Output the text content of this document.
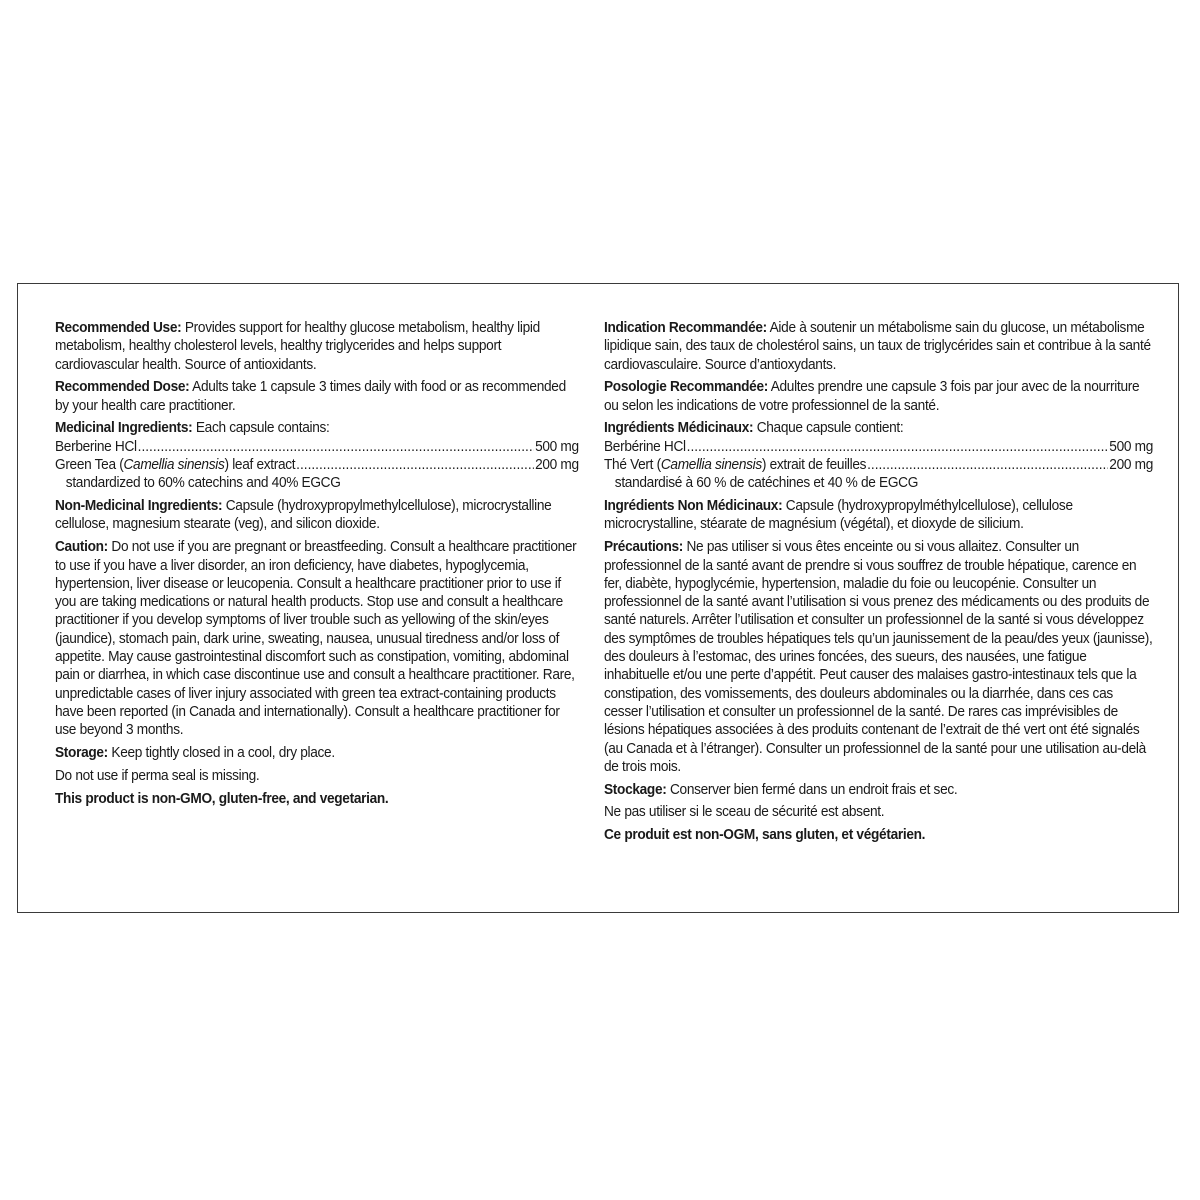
Recommended Use: Provides support for healthy glucose metabolism, healthy lipid metabolism, healthy cholesterol levels, healthy triglycerides and helps support cardiovascular health. Source of antioxidants.

Recommended Dose: Adults take 1 capsule 3 times daily with food or as recommended by your health care practitioner.

Medicinal Ingredients: Each capsule contains:
Berberine HCl .....	500 mg
Green Tea (Camellia sinensis) leaf extract .....	200 mg
standardized to 60% catechins and 40% EGCG

Non-Medicinal Ingredients: Capsule (hydroxypropylmethylcellulose), microcrystalline cellulose, magnesium stearate (veg), and silicon dioxide.

Caution: Do not use if you are pregnant or breastfeeding. Consult a healthcare practitioner to use if you have a liver disorder, an iron deficiency, have diabetes, hypoglycemia, hypertension, liver disease or leucopenia. Consult a healthcare practitioner prior to use if you are taking medications or natural health products. Stop use and consult a healthcare practitioner if you develop symptoms of liver trouble such as yellowing of the skin/eyes (jaundice), stomach pain, dark urine, sweating, nausea, unusual tiredness and/or loss of appetite. May cause gastrointestinal discomfort such as constipation, vomiting, abdominal pain or diarrhea, in which case discontinue use and consult a healthcare practitioner. Rare, unpredictable cases of liver injury associated with green tea extract-containing products have been reported (in Canada and internationally). Consult a healthcare practitioner for use beyond 3 months.

Storage: Keep tightly closed in a cool, dry place.

Do not use if perma seal is missing.

This product is non-GMO, gluten-free, and vegetarian.

Indication Recommandée: Aide à soutenir un métabolisme sain du glucose, un métabolisme lipidique sain, des taux de cholestérol sains, un taux de triglycérides sain et contribue à la santé cardiovasculaire. Source d’antioxydants.

Posologie Recommandée: Adultes prendre une capsule 3 fois par jour avec de la nourriture ou selon les indications de votre professionnel de la santé.

Ingrédients Médicinaux: Chaque capsule contient:
Berbérine HCl .....	500 mg
Thé Vert (Camellia sinensis) extrait de feuilles .....	200 mg
standardisé à 60 % de catéchines et 40 % de EGCG

Ingrédients Non Médicinaux: Capsule (hydroxypropylméthylcellulose), cellulose microcrystalline, stéarate de magnésium (végétal), et dioxyde de silicium.

Précautions: Ne pas utiliser si vous êtes enceinte ou si vous allaitez. Consulter un professionnel de la santé avant de prendre si vous souffrez de trouble hépatique, carence en fer, diabète, hypoglycémie, hypertension, maladie du foie ou leucopénie. Consulter un professionnel de la santé avant l’utilisation si vous prenez des médicaments ou des produits de santé naturels. Arrêter l’utilisation et consulter un professionnel de la santé si vous développez des symptômes de troubles hépatiques tels qu’un jaunissement de la peau/des yeux (jaunisse), des douleurs à l’estomac, des urines foncées, des sueurs, des nausées, une fatigue inhabituelle et/ou une perte d’appétit. Peut causer des malaises gastro-intestinaux tels que la constipation, des vomissements, des douleurs abdominales ou la diarrhée, dans ces cas cesser l’utilisation et consulter un professionnel de la santé. De rares cas imprévisibles de lésions hépatiques associées à des produits contenant de l’extrait de thé vert ont été signalés (au Canada et à l’étranger). Consulter un professionnel de la santé pour une utilisation au-delà de trois mois.

Stockage: Conserver bien fermé dans un endroit frais et sec.

Ne pas utiliser si le sceau de sécurité est absent.

Ce produit est non-OGM, sans gluten, et végétarien.
